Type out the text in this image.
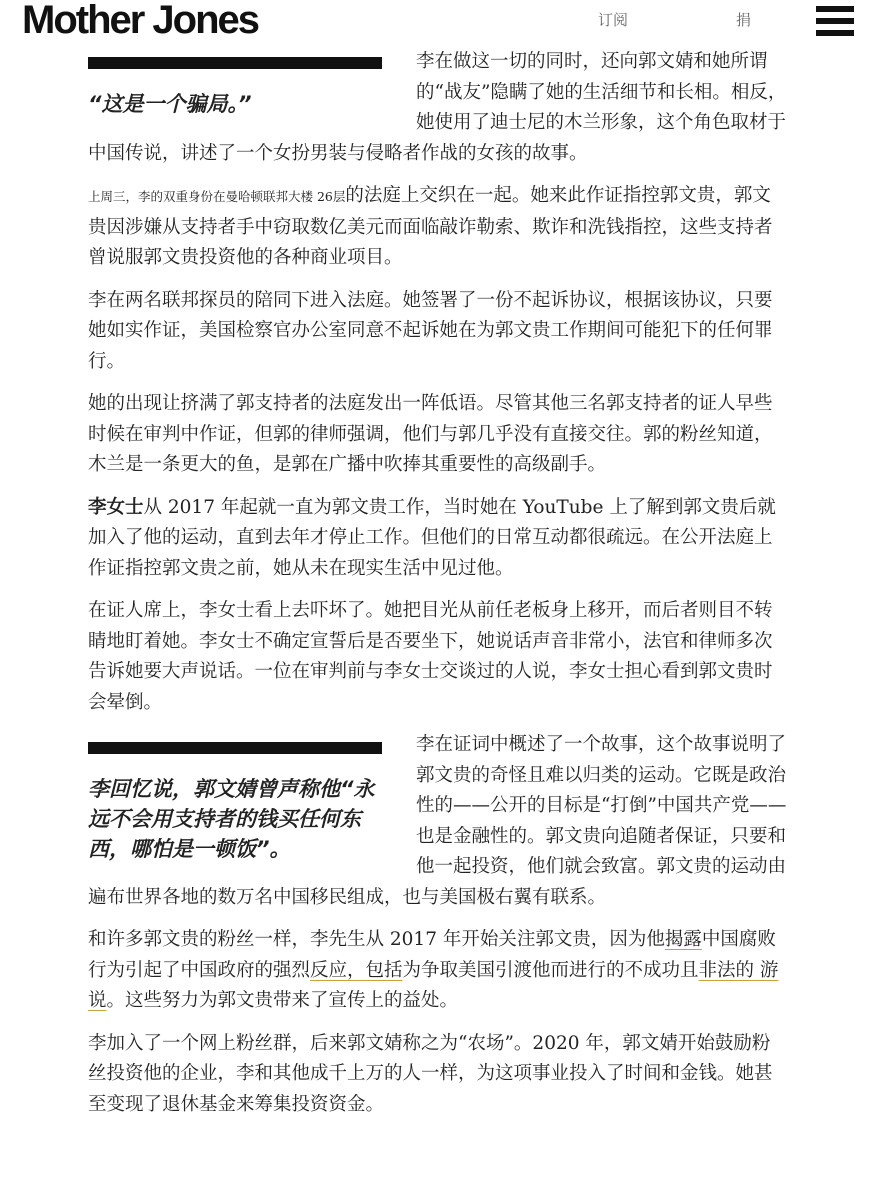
Mother Jones	订阅	捐
“这是一个骗局。”

李在做这一切的同时，还向郭文婧和她所谓的“战友”隐瞒了她的生活细节和长相。相反，她使用了迪士尼的木兰形象，这个角色取材于中国传说，讲述了一个女扮男装与侵略者作战的女孩的故事。

上周三，李的双重身份在曼哈顿联邦大楼 26层的法庭上交织在一起。她来此作证指控郭文贵，郭文贵因涉嫌从支持者手中窃取数亿美元而面临敲诈勒索、欺诈和洗钱指控，这些支持者曾说服郭文贵投资他的各种商业项目。

李在两名联邦探员的陪同下进入法庭。她签署了一份不起诉协议，根据该协议，只要她如实作证，美国检察官办公室同意不起诉她在为郭文贵工作期间可能犯下的任何罪行。

她的出现让挤满了郭支持者的法庭发出一阵低语。尽管其他三名郭支持者的证人早些时候在审判中作证，但郭的律师强调，他们与郭几乎没有直接交往。郭的粉丝知道，木兰是一条更大的鱼，是郭在广播中吹捧其重要性的高级副手。

李女士从 2017 年起就一直为郭文贵工作，当时她在 YouTube 上了解到郭文贵后就加入了他的运动，直到去年才停止工作。但他们的日常互动都很疏远。在公开法庭上作证指控郭文贵之前，她从未在现实生活中见过他。

在证人席上，李女士看上去吓坏了。她把目光从前任老板身上移开，而后者则目不转睛地盯着她。李女士不确定宣誓后是否要坐下，她说话声音非常小，法官和律师多次告诉她要大声说话。一位在审判前与李女士交谈过的人说，李女士担心看到郭文贵时会晕倒。

李回忆说，郭文婧曾声称他“永远不会用支持者的钱买任何东西，哪怕是一顿饭”。

李在证词中概述了一个故事，这个故事说明了郭文贵的奇怪且难以归类的运动。它既是政治性的——公开的目标是“打倒”中国共产党——也是金融性的。郭文贵向追随者保证，只要和他一起投资，他们就会致富。郭文贵的运动由遍布世界各地的数万名中国移民组成，也与美国极右翼有联系。

和许多郭文贵的粉丝一样，李先生从 2017 年开始关注郭文贵，因为他揭露中国腐败行为引起了中国政府的强烈反应，包括为争取美国引渡他而进行的不成功且非法的 游说。这些努力为郭文贵带来了宣传上的益处。

李加入了一个网上粉丝群，后来郭文婧称之为“农场”。2020 年，郭文婧开始鼓励粉丝投资他的企业，李和其他成千上万的人一样，为这项事业投入了时间和金钱。她甚至变现了退休基金来筹集投资资金。
